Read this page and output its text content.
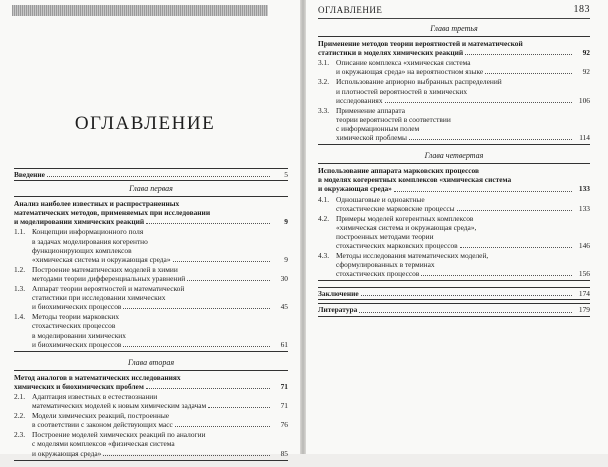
ОГЛАВЛЕНИЕ	183
ОГЛАВЛЕНИЕ
Введение	5
Глава первая
Анализ наиболее известных и распространенных
математических методов, применяемых при исследовании
и моделировании химических реакций	9
1.1. Концепции информационного поля
в задачах моделирования когерентно
функционирующих комплексов
«химическая система и окружающая среда»	9
1.2. Построение математических моделей в химии
методами теории дифференциальных уравнений	30
1.3. Аппарат теории вероятностей и математической
статистики при исследовании химических
и биохимических процессов	45
1.4. Методы теории марковских
стохастических процессов
в моделировании химических
и биохимических процессов	61
Глава вторая
Метод аналогов в математических исследованиях
химических и биохимических проблем	71
2.1. Адаптация известных в естествознании
математических моделей к новым химическим задачам	71
2.2. Модели химических реакций, построенные
в соответствии с законом действующих масс	76
2.3. Построение моделей химических реакций по аналогии
с моделями комплексов «физическая система
и окружающая среда»	85
Глава третья
Применение методов теории вероятностей и математической
статистики в моделях химических реакций	92
3.1. Описание комплекса «химическая система
и окружающая среда» на вероятностном языке	92
3.2. Использование априорно выбранных распределений
и плотностей вероятностей в химических
исследованиях	106
3.3. Применение аппарата
теории вероятностей в соответствии
с информационным полем
химической проблемы	114
Глава четвертая
Использование аппарата марковских процессов
в моделях когерентных комплексов «химическая система
и окружающая среда»	133
4.1. Одношаговые и одноактные
стохастические марковские процессы	133
4.2. Примеры моделей когерентных комплексов
«химическая система и окружающая среда»,
построенных методами теории
стохастических марковских процессов	146
4.3. Методы исследования математических моделей,
сформулированных в терминах
стохастических процессов	156
Заключение	174
Литература	179
